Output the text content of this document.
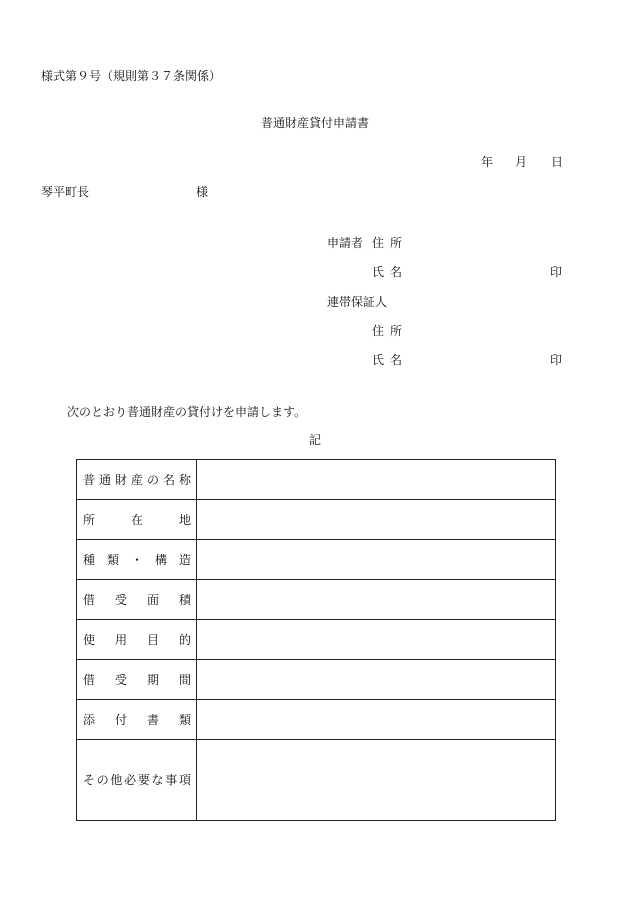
様式第９号（規則第３７条関係）
普通財産貸付申請書
年 月 日
琴平町長	様
申請者 住所
氏名	印
連帯保証人
住所
氏名	印
次のとおり普通財産の貸付けを申請します。
記
普通財産の名称	
所在地	
種類・構造	
借受面積	
使用目的	
借受期間	
添付書類	
その他必要な事項	
